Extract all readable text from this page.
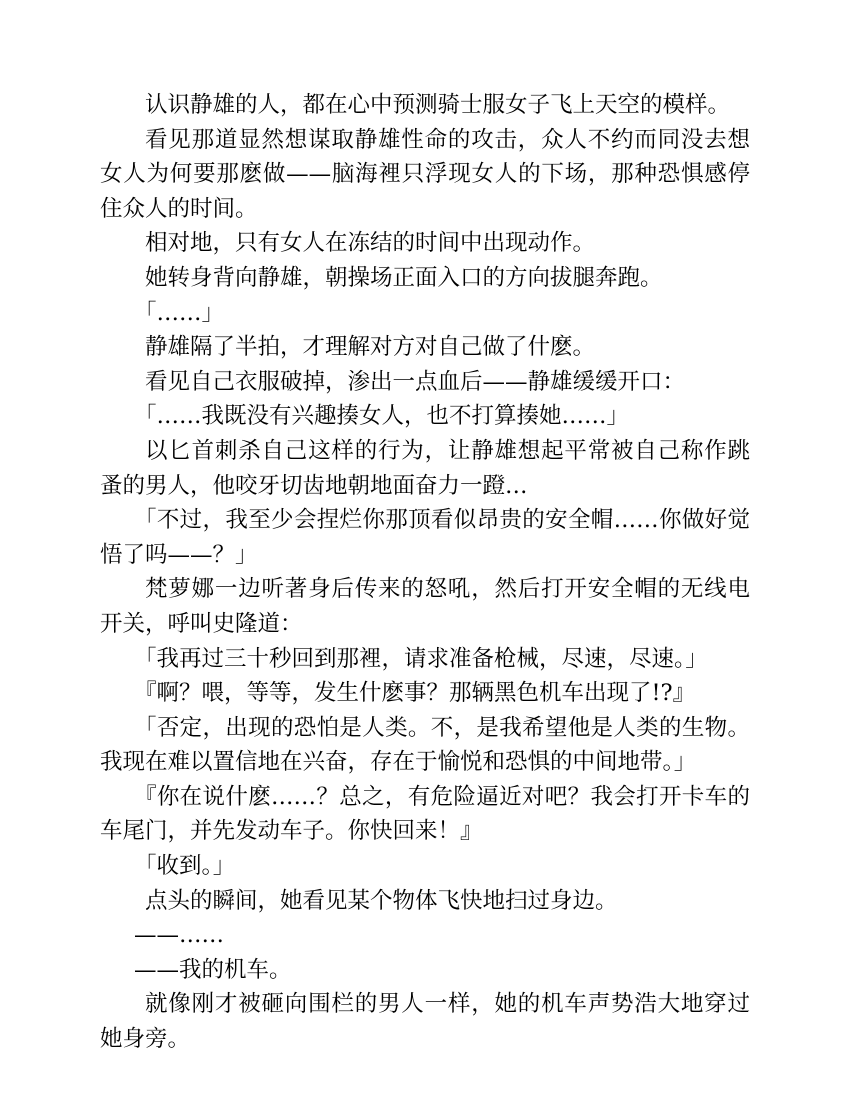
认识静雄的人，都在心中预测骑士服女子飞上天空的模样。

看见那道显然想谋取静雄性命的攻击，众人不约而同没去想女人为何要那麽做——脑海裡只浮现女人的下场，那种恐惧感停住众人的时间。

相对地，只有女人在冻结的时间中出现动作。

她转身背向静雄，朝操场正面入口的方向拔腿奔跑。

「……」

静雄隔了半拍，才理解对方对自己做了什麽。

看见自己衣服破掉，渗出一点血后——静雄缓缓开口：

「……我既没有兴趣揍女人，也不打算揍她……」

以匕首刺杀自己这样的行为，让静雄想起平常被自己称作跳蚤的男人，他咬牙切齿地朝地面奋力一蹬…

「不过，我至少会捏烂你那顶看似昂贵的安全帽……你做好觉悟了吗——？」

梵萝娜一边听著身后传来的怒吼，然后打开安全帽的无线电开关，呼叫史隆道：

「我再过三十秒回到那裡，请求准备枪械，尽速，尽速。」

『啊？喂，等等，发生什麽事？那辆黑色机车出现了!?』

「否定，出现的恐怕是人类。不，是我希望他是人类的生物。我现在难以置信地在兴奋，存在于愉悦和恐惧的中间地带。」

『你在说什麽……？总之，有危险逼近对吧？我会打开卡车的车尾门，并先发动车子。你快回来！』

「收到。」

点头的瞬间，她看见某个物体飞快地扫过身边。

——……

——我的机车。

就像刚才被砸向围栏的男人一样，她的机车声势浩大地穿过她身旁。
